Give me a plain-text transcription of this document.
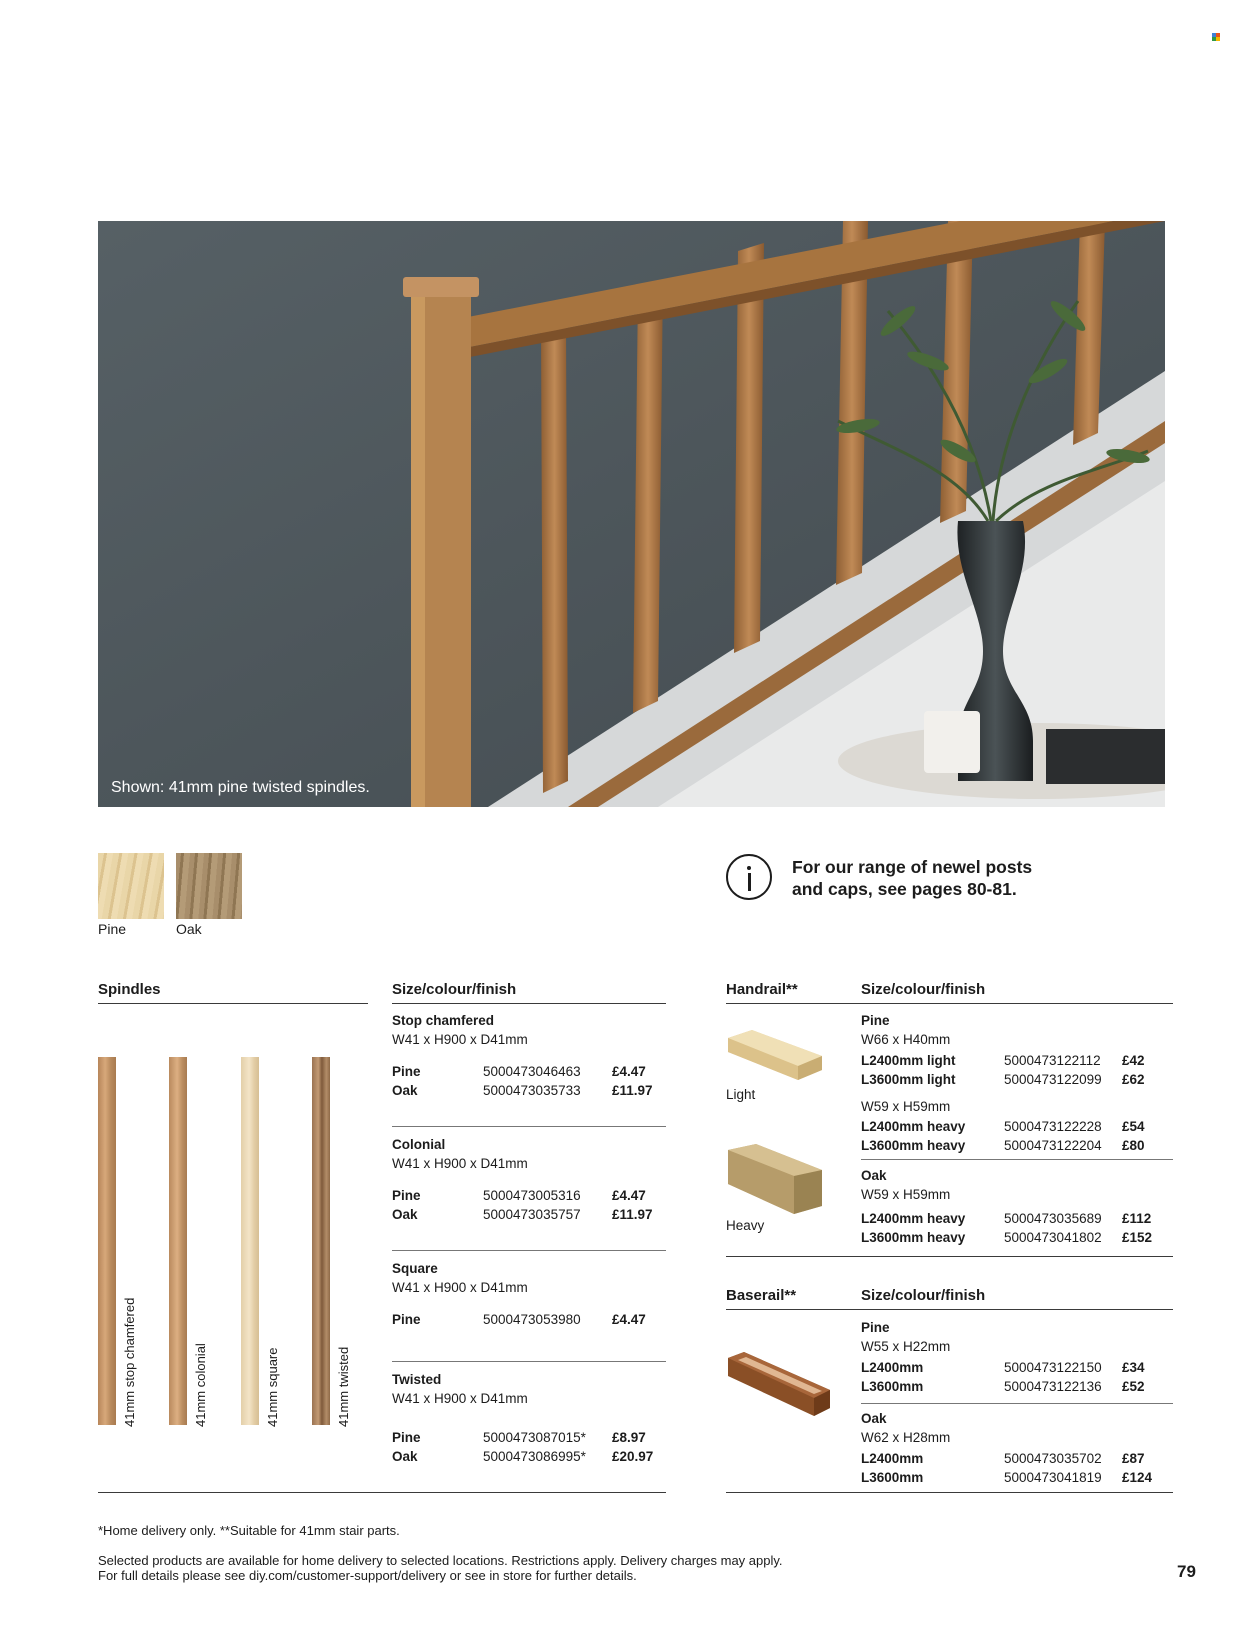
Shown: 41mm pine twisted spindles.
Pine	Oak
For our range of newel posts
and caps, see pages 80-81.
Spindles	Size/colour/finish
41mm stop chamfered	41mm colonial	41mm square	41mm twisted
Stop chamfered
W41 x H900 x D41mm
Pine	5000473046463 £4.47
Oak	5000473035733 £11.97
Colonial
W41 x H900 x D41mm
Pine	5000473005316 £4.47
Oak	5000473035757 £11.97
Square
W41 x H900 x D41mm
Pine	5000473053980 £4.47
Twisted
W41 x H900 x D41mm
Pine	5000473087015* £8.97
Oak	5000473086995* £20.97
Handrail**	Size/colour/finish
Light
Heavy
Pine
W66 x H40mm
L2400mm light	5000473122112 £42
L3600mm light	5000473122099 £62
W59 x H59mm
L2400mm heavy	5000473122228 £54
L3600mm heavy	5000473122204 £80
Oak
W59 x H59mm
L2400mm heavy	5000473035689 £112
L3600mm heavy	5000473041802 £152
Baserail**	Size/colour/finish
Pine
W55 x H22mm
L2400mm	5000473122150 £34
L3600mm	5000473122136 £52
Oak
W62 x H28mm
L2400mm	5000473035702 £87
L3600mm	5000473041819 £124
*Home delivery only. **Suitable for 41mm stair parts.
Selected products are available for home delivery to selected locations. Restrictions apply. Delivery charges may apply.
For full details please see diy.com/customer-support/delivery or see in store for further details.	79
